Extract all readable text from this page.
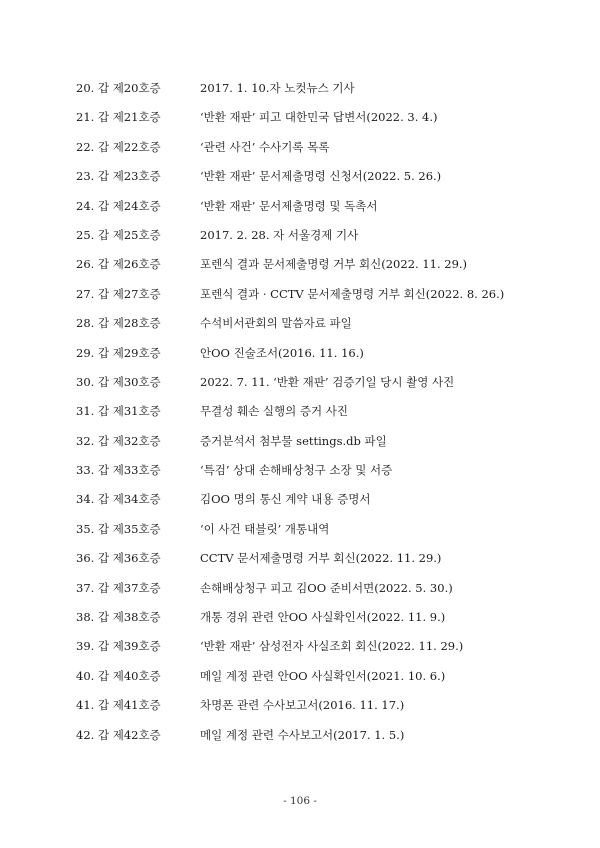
20. 갑 제20호증	2017. 1. 10.자 노컷뉴스 기사
21. 갑 제21호증	‘반환 재판’ 피고 대한민국 답변서(2022. 3. 4.)
22. 갑 제22호증	‘관련 사건’ 수사기록 목록
23. 갑 제23호증	‘반환 재판’ 문서제출명령 신청서(2022. 5. 26.)
24. 갑 제24호증	‘반환 재판’ 문서제출명령 및 독촉서
25. 갑 제25호증	2017. 2. 28. 자 서울경제 기사
26. 갑 제26호증	포렌식 결과 문서제출명령 거부 회신(2022. 11. 29.)
27. 갑 제27호증	포렌식 결과 · CCTV 문서제출명령 거부 회신(2022. 8. 26.)
28. 갑 제28호증	수석비서관회의 말씀자료 파일
29. 갑 제29호증	안OO 진술조서(2016. 11. 16.)
30. 갑 제30호증	2022. 7. 11. ‘반환 재판’ 검증기일 당시 촬영 사진
31. 갑 제31호증	무결성 훼손 실행의 증거 사진
32. 갑 제32호증	증거분석서 첨부물 settings.db 파일
33. 갑 제33호증	‘특검’ 상대 손해배상청구 소장 및 서증
34. 갑 제34호증	김OO 명의 통신 계약 내용 증명서
35. 갑 제35호증	‘이 사건 태블릿’ 개통내역
36. 갑 제36호증	CCTV 문서제출명령 거부 회신(2022. 11. 29.)
37. 갑 제37호증	손해배상청구 피고 김OO 준비서면(2022. 5. 30.)
38. 갑 제38호증	개통 경위 관련 안OO 사실확인서(2022. 11. 9.)
39. 갑 제39호증	‘반환 재판’ 삼성전자 사실조회 회신(2022. 11. 29.)
40. 갑 제40호증	메일 계정 관련 안OO 사실확인서(2021. 10. 6.)
41. 갑 제41호증	차명폰 관련 수사보고서(2016. 11. 17.)
42. 갑 제42호증	메일 계정 관련 수사보고서(2017. 1. 5.)
- 106 -
